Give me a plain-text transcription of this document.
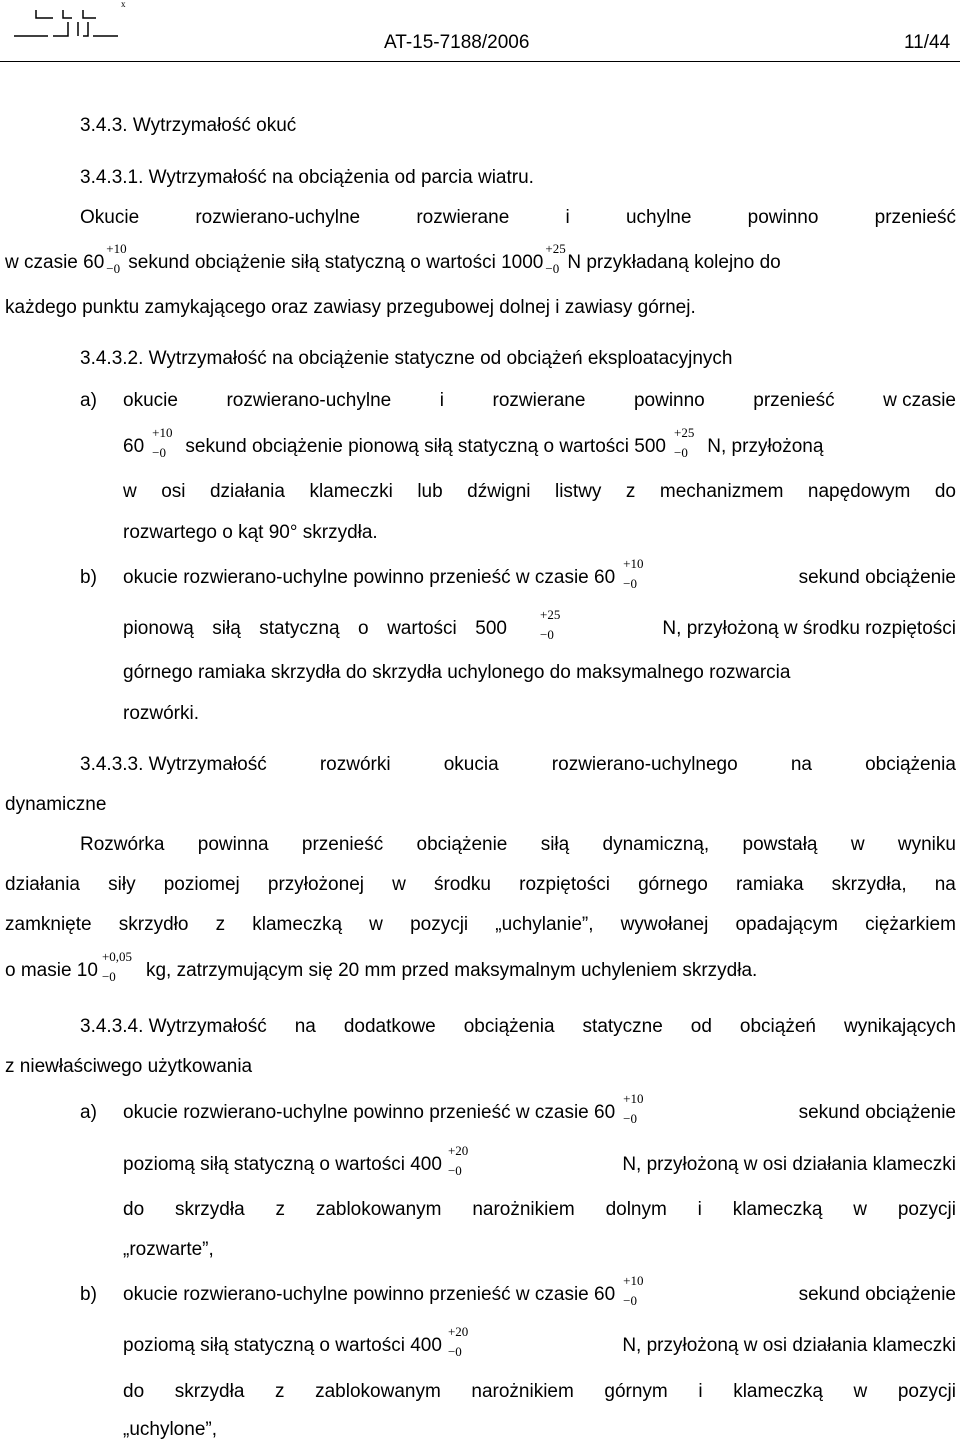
x
AT-15-7188/2006	11/44
3.4.3. Wytrzymałość okuć
3.4.3.1. Wytrzymałość na obciążenia od parcia wiatru.
Okucie	rozwierano-uchylne	rozwierane	i	uchylne	powinno	przenieść
w czasie 60
+10
−0 sekund obciążenie siłą statyczną o wartości 1000
+25
−0 N przykładaną kolejno do
każdego punktu zamykającego oraz zawiasy przegubowej dolnej i zawiasy górnej.
3.4.3.2. Wytrzymałość na obciążenie statyczne od obciążeń eksploatacyjnych
a) okucie	rozwierano-uchylne	i	rozwierane	powinno	przenieść	w czasie
60
+10
−0 sekund obciążenie pionową siłą statyczną o wartości 500
+25
−0 N, przyłożoną
w osi działania klameczki lub dźwigni listwy z mechanizmem napędowym do
rozwartego o kąt 90° skrzydła.
b) okucie rozwierano-uchylne powinno przenieść w czasie 60
+10
−0	sekund obciążenie
pionową siłą statyczną o wartości 500
+25
−0	N, przyłożoną w środku rozpiętości
górnego ramiaka skrzydła do skrzydła uchylonego do maksymalnego rozwarcia
rozwórki.
3.4.3.3. Wytrzymałość	rozwórki	okucia	rozwierano-uchylnego	na	obciążenia
dynamiczne
Rozwórka powinna przenieść obciążenie siłą dynamiczną, powstałą w wyniku
działania siły poziomej przyłożonej w środku rozpiętości górnego ramiaka skrzydła, na
zamknięte skrzydło z klameczką w pozycji „uchylanie”, wywołanej opadającym ciężarkiem
o masie 10
+0,05
−0 kg, zatrzymującym się 20 mm przed maksymalnym uchyleniem skrzydła.
3.4.3.4. Wytrzymałość na dodatkowe obciążenia statyczne od obciążeń wynikających
z niewłaściwego użytkowania
a) okucie rozwierano-uchylne powinno przenieść w czasie 60
+10
−0	sekund obciążenie
poziomą siłą statyczną o wartości 400
+20
−0	N, przyłożoną w osi działania klameczki
do skrzydła z zablokowanym narożnikiem dolnym i klameczką w pozycji
„rozwarte”,
b) okucie rozwierano-uchylne powinno przenieść w czasie 60
+10
−0	sekund obciążenie
poziomą siłą statyczną o wartości 400
+20
−0	N, przyłożoną w osi działania klameczki
do skrzydła z zablokowanym narożnikiem górnym i klameczką w pozycji
„uchylone”,
